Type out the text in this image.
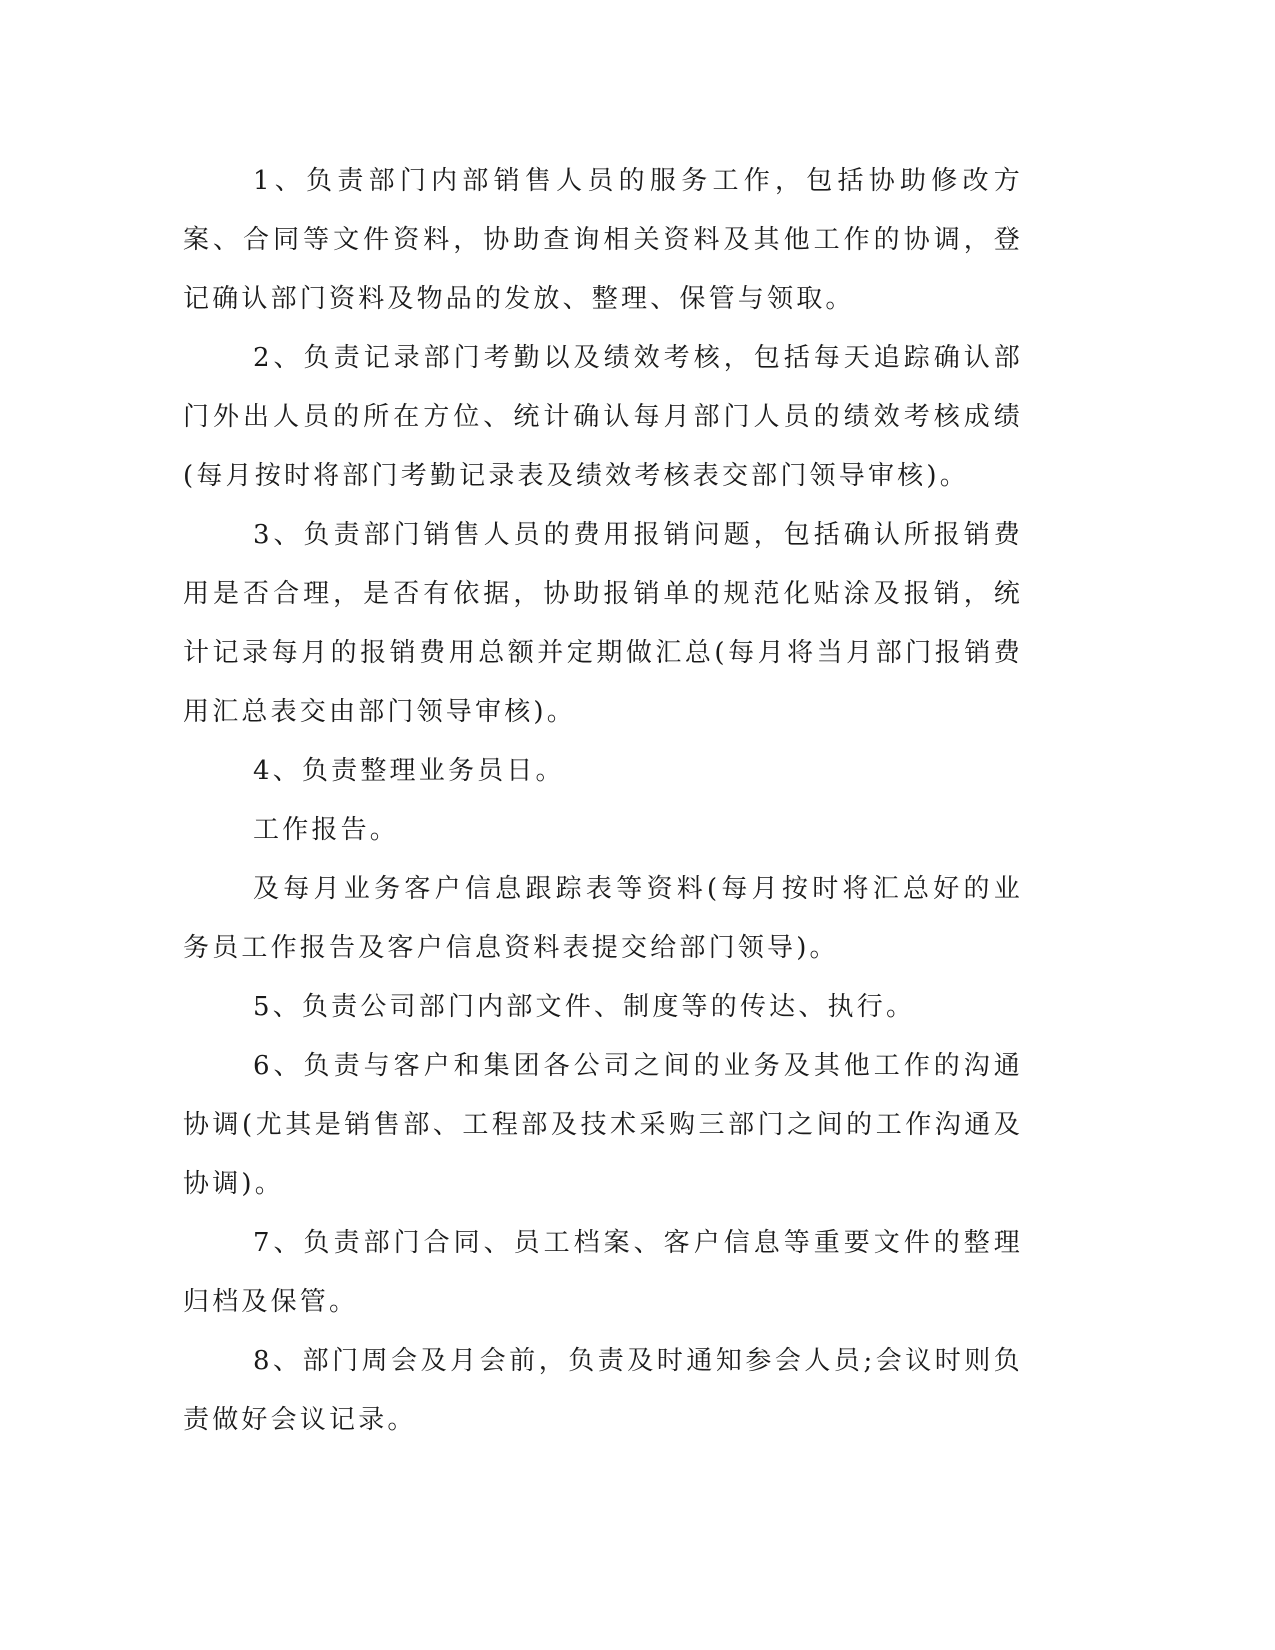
1、负责部门内部销售人员的服务工作，包括协助修改方案、合同等文件资料，协助查询相关资料及其他工作的协调，登记确认部门资料及物品的发放、整理、保管与领取。

2、负责记录部门考勤以及绩效考核，包括每天追踪确认部门外出人员的所在方位、统计确认每月部门人员的绩效考核成绩(每月按时将部门考勤记录表及绩效考核表交部门领导审核)。

3、负责部门销售人员的费用报销问题，包括确认所报销费用是否合理，是否有依据，协助报销单的规范化贴涂及报销，统计记录每月的报销费用总额并定期做汇总(每月将当月部门报销费用汇总表交由部门领导审核)。

4、负责整理业务员日。

工作报告。

及每月业务客户信息跟踪表等资料(每月按时将汇总好的业务员工作报告及客户信息资料表提交给部门领导)。

5、负责公司部门内部文件、制度等的传达、执行。

6、负责与客户和集团各公司之间的业务及其他工作的沟通协调(尤其是销售部、工程部及技术采购三部门之间的工作沟通及协调)。

7、负责部门合同、员工档案、客户信息等重要文件的整理归档及保管。

8、部门周会及月会前，负责及时通知参会人员;会议时则负责做好会议记录。
